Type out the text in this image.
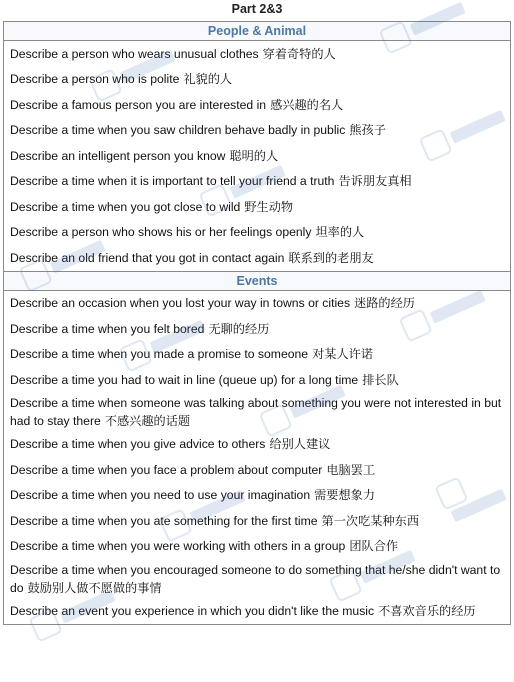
Part 2&3
People & Animal
Describe a person who wears unusual clothes 穿着奇特的人
Describe a person who is polite 礼貌的人
Describe a famous person you are interested in 感兴趣的名人
Describe a time when you saw children behave badly in public 熊孩子
Describe an intelligent person you know 聪明的人
Describe a time when it is important to tell your friend a truth 告诉朋友真相
Describe a time when you got close to wild 野生动物
Describe a person who shows his or her feelings openly 坦率的人
Describe an old friend that you got in contact again 联系到的老朋友
Events
Describe an occasion when you lost your way in towns or cities 迷路的经历
Describe a time when you felt bored 无聊的经历
Describe a time when you made a promise to someone 对某人许诺
Describe a time you had to wait in line (queue up) for a long time 排长队
Describe a time when someone was talking about something you were not interested in but had to stay there 不感兴趣的话题
Describe a time when you give advice to others 给别人建议
Describe a time when you face a problem about computer 电脑罢工
Describe a time when you need to use your imagination 需要想象力
Describe a time when you ate something for the first time 第一次吃某种东西
Describe a time when you were working with others in a group 团队合作
Describe a time when you encouraged someone to do something that he/she didn't want to do 鼓励别人做不愿做的事情
Describe an event you experience in which you didn't like the music 不喜欢音乐的经历
